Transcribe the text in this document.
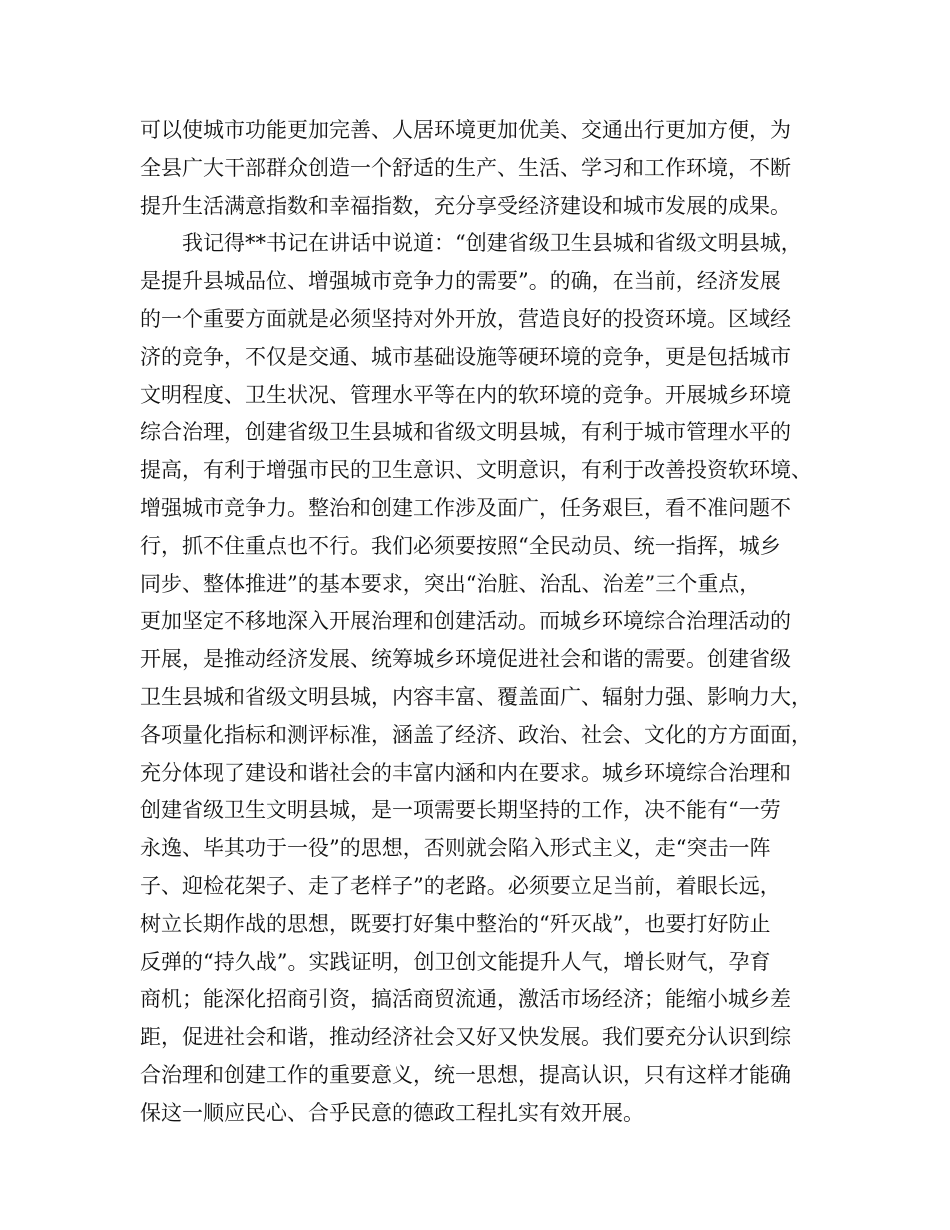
可以使城市功能更加完善、人居环境更加优美、交通出行更加方便，为
全县广大干部群众创造一个舒适的生产、生活、学习和工作环境，不断
提升生活满意指数和幸福指数，充分享受经济建设和城市发展的成果。
我记得**书记在讲话中说道：“创建省级卫生县城和省级文明县城，
是提升县城品位、增强城市竞争力的需要”。的确，在当前，经济发展
的一个重要方面就是必须坚持对外开放，营造良好的投资环境。区域经
济的竞争，不仅是交通、城市基础设施等硬环境的竞争，更是包括城市
文明程度、卫生状况、管理水平等在内的软环境的竞争。开展城乡环境
综合治理，创建省级卫生县城和省级文明县城，有利于城市管理水平的
提高，有利于增强市民的卫生意识、文明意识，有利于改善投资软环境、
增强城市竞争力。整治和创建工作涉及面广，任务艰巨，看不准问题不
行，抓不住重点也不行。我们必须要按照“全民动员、统一指挥，城乡
同步、整体推进”的基本要求，突出“治脏、治乱、治差”三个重点，
更加坚定不移地深入开展治理和创建活动。而城乡环境综合治理活动的
开展，是推动经济发展、统筹城乡环境促进社会和谐的需要。创建省级
卫生县城和省级文明县城，内容丰富、覆盖面广、辐射力强、影响力大，
各项量化指标和测评标准，涵盖了经济、政治、社会、文化的方方面面，
充分体现了建设和谐社会的丰富内涵和内在要求。城乡环境综合治理和
创建省级卫生文明县城，是一项需要长期坚持的工作，决不能有“一劳
永逸、毕其功于一役”的思想，否则就会陷入形式主义，走“突击一阵
子、迎检花架子、走了老样子”的老路。必须要立足当前，着眼长远，
树立长期作战的思想，既要打好集中整治的“歼灭战”，也要打好防止
反弹的“持久战”。实践证明，创卫创文能提升人气，增长财气，孕育
商机；能深化招商引资，搞活商贸流通，激活市场经济；能缩小城乡差
距，促进社会和谐，推动经济社会又好又快发展。我们要充分认识到综
合治理和创建工作的重要意义，统一思想，提高认识，只有这样才能确
保这一顺应民心、合乎民意的德政工程扎实有效开展。
